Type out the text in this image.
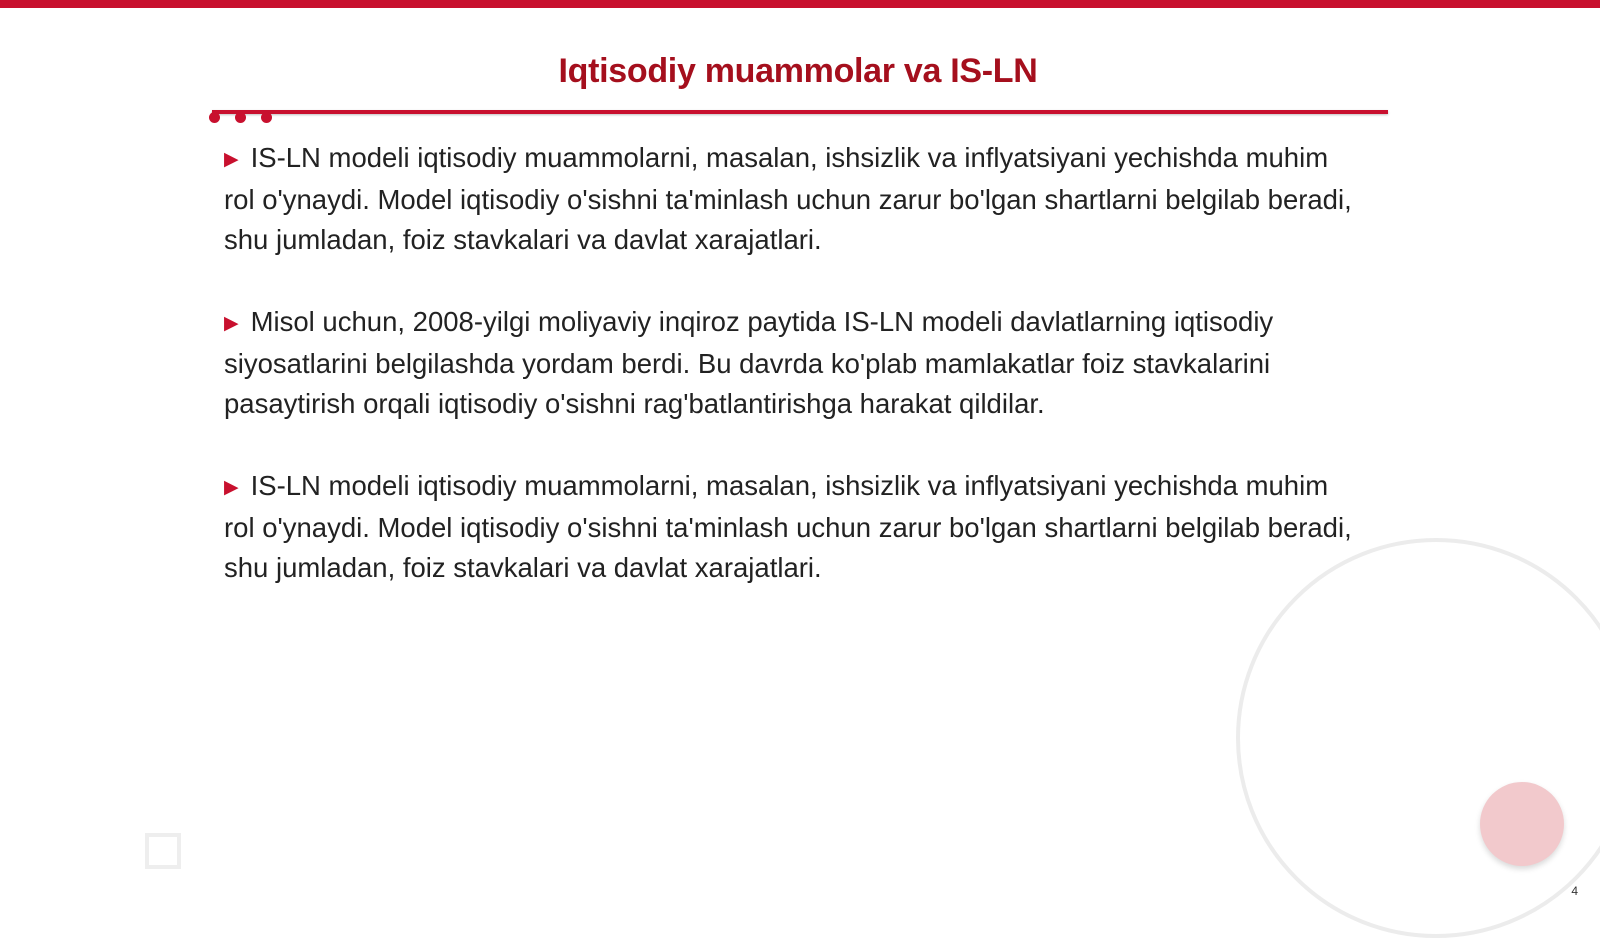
Iqtisodiy muammolar va IS-LN

▶ IS-LN modeli iqtisodiy muammolarni, masalan, ishsizlik va inflyatsiyani yechishda muhim rol o'ynaydi. Model iqtisodiy o'sishni ta'minlash uchun zarur bo'lgan shartlarni belgilab beradi, shu jumladan, foiz stavkalari va davlat xarajatlari.

▶ Misol uchun, 2008-yilgi moliyaviy inqiroz paytida IS-LN modeli davlatlarning iqtisodiy siyosatlarini belgilashda yordam berdi. Bu davrda ko'plab mamlakatlar foiz stavkalarini pasaytirish orqali iqtisodiy o'sishni rag'batlantirishga harakat qildilar.

▶ IS-LN modeli iqtisodiy muammolarni, masalan, ishsizlik va inflyatsiyani yechishda muhim rol o'ynaydi. Model iqtisodiy o'sishni ta'minlash uchun zarur bo'lgan shartlarni belgilab beradi, shu jumladan, foiz stavkalari va davlat xarajatlari.

4
